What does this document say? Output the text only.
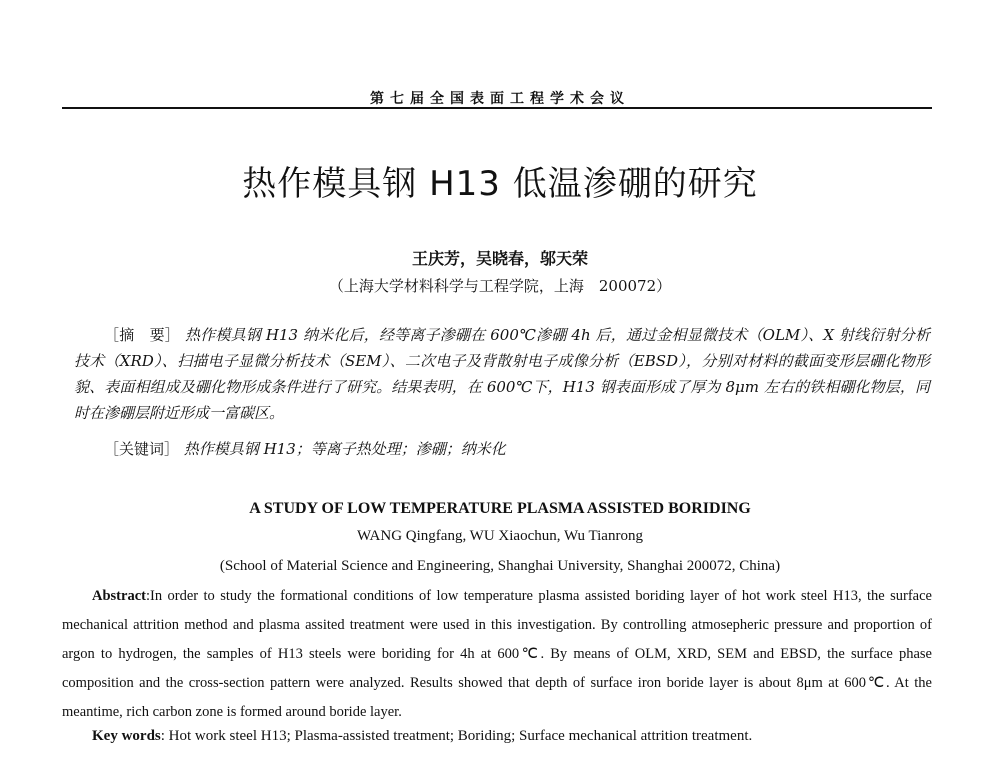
第七届全国表面工程学术会议
热作模具钢 H13 低温渗硼的研究
王庆芳，吴晓春，邬天荣
（上海大学材料科学与工程学院，上海　200072）
［摘　要］ 热作模具钢 H13 纳米化后，经等离子渗硼在 600℃渗硼 4h 后，通过金相显微技术（OLM）、X 射线衍射分析技术（XRD）、扫描电子显微分析技术（SEM）、二次电子及背散射电子成像分析（EBSD），分别对材料的截面变形层硼化物形貌、表面相组成及硼化物形成条件进行了研究。结果表明，在 600℃下，H13 钢表面形成了厚为 8μm 左右的铁相硼化物层，同时在渗硼层附近形成一富碳区。
［关键词］ 热作模具钢 H13；等离子热处理；渗硼；纳米化
A STUDY OF LOW TEMPERATURE PLASMA ASSISTED BORIDING
WANG Qingfang, WU Xiaochun, Wu Tianrong
(School of Material Science and Engineering, Shanghai University, Shanghai 200072, China)
Abstract:In order to study the formational conditions of low temperature plasma assisted boriding layer of hot work steel H13, the surface mechanical attrition method and plasma assited treatment were used in this investigation. By controlling atmosepheric pressure and proportion of argon to hydrogen, the samples of H13 steels were boriding for 4h at 600℃. By means of OLM, XRD, SEM and EBSD, the surface phase composition and the cross-section pattern were analyzed. Results showed that depth of surface iron boride layer is about 8μm at 600℃. At the meantime, rich carbon zone is formed around boride layer.
Key words: Hot work steel H13; Plasma-assisted treatment; Boriding; Surface mechanical attrition treatment.
